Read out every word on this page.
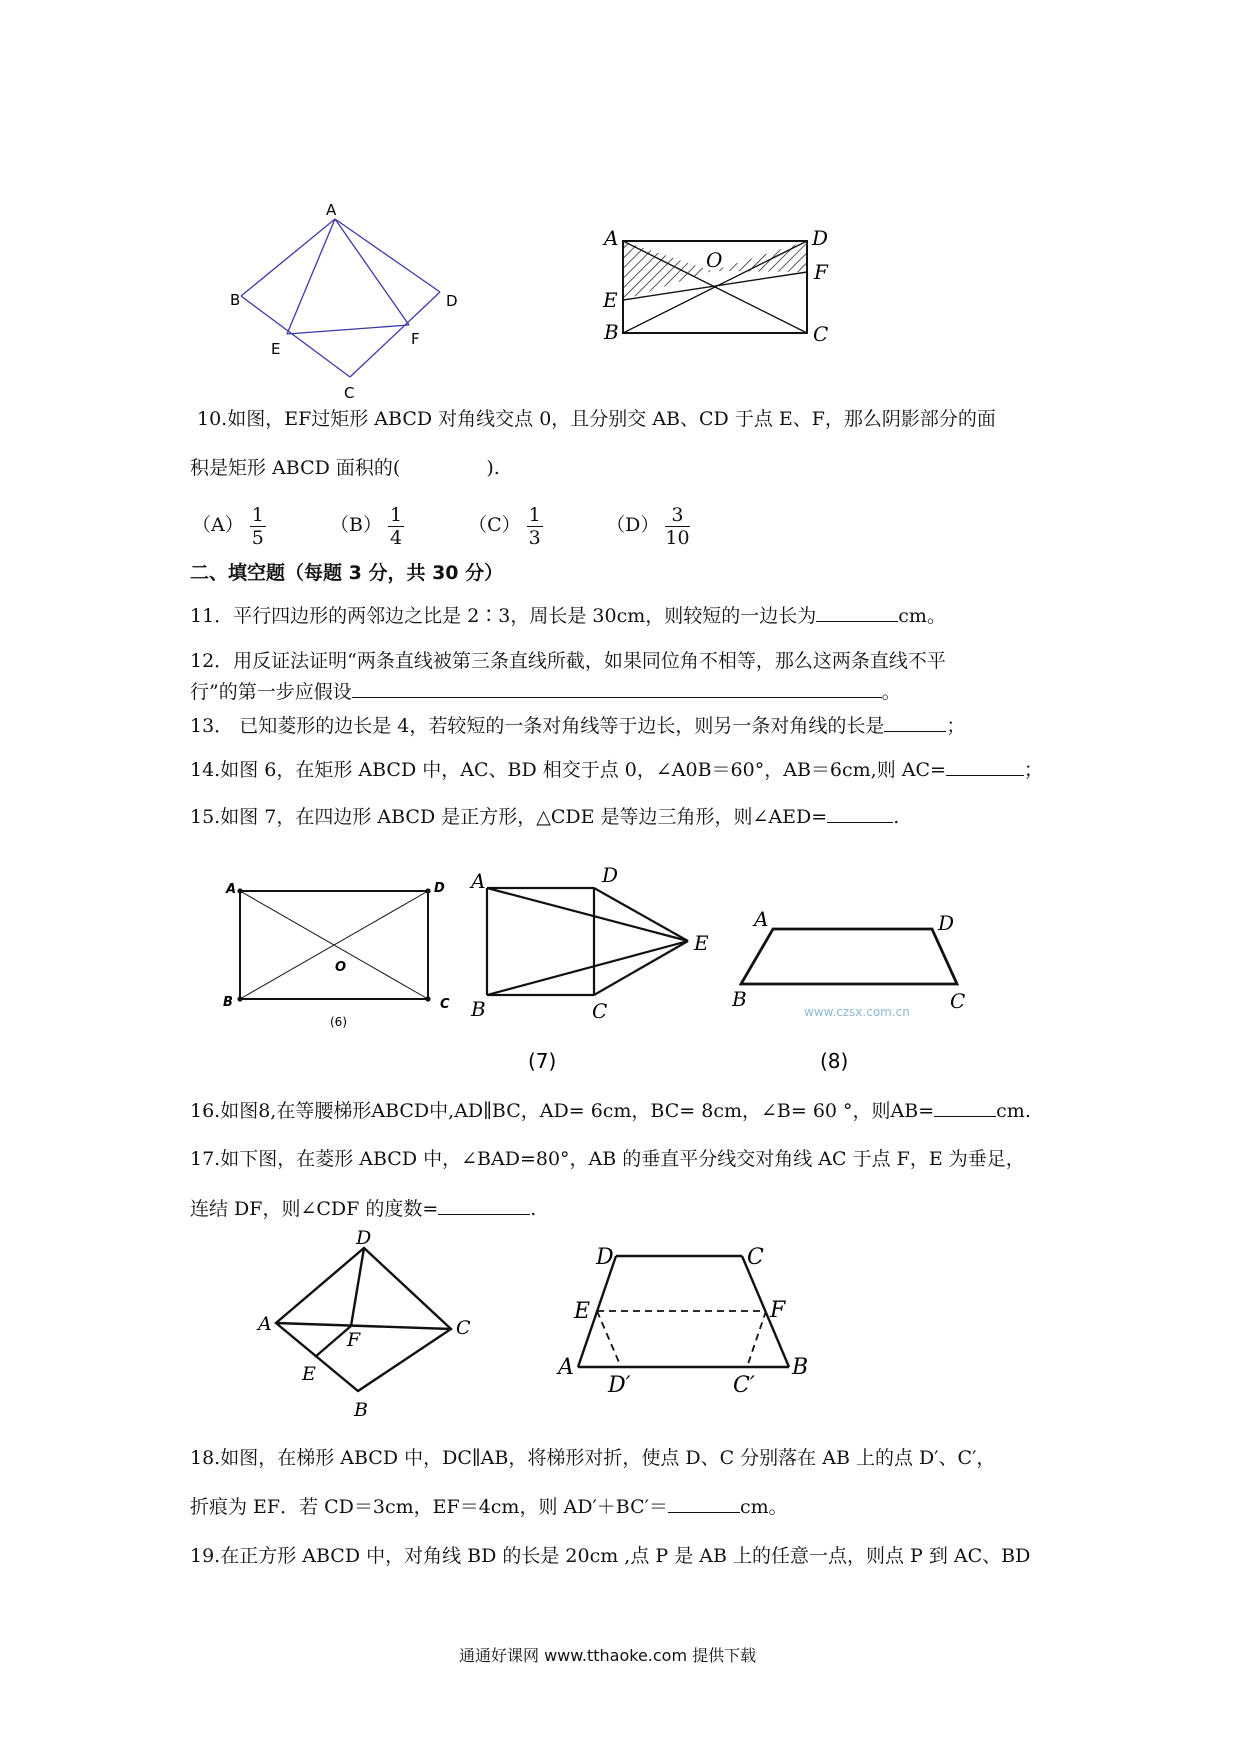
A
B	D
E
F
C
A	D
O	F
E
B	C
10.如图，EF过矩形 ABCD 对角线交点 0，且分别交 AB、CD 于点 E、F，那么阴影部分的面
积是矩形 ABCD 面积的(	).
$(A) \frac{1}{5}$	$(B) \frac{1}{4}$	$(C) \frac{1}{3}$	$(D) \frac{3}{10}$
二、填空题（每题 3 分，共 30 分）
11．平行四边形的两邻边之比是 2∶3，周长是 30cm，则较短的一边长为	cm。
12．用反证法证明“两条直线被第三条直线所截，如果同位角不相等，那么这两条直线不平
行”的第一步应假设	。
13． 已知菱形的边长是 4，若较短的一条对角线等于边长，则另一条对角线的长是	；
14.如图 6，在矩形 ABCD 中，AC、BD 相交于点 0，∠A0B＝60°，AB＝6cm,则 AC=	；
15.如图 7，在四边形 ABCD 是正方形，△CDE 是等边三角形，则∠AED=	.
A	D
O
B	C
(6)
A	D
E
B	C
(7)
A	D
B	C
www.czsx.com.cn
(8)
16.如图8,在等腰梯形ABCD中,AD∥BC，AD= 6cm，BC= 8cm，∠B= 60 °，则AB=	cm.
17.如下图，在菱形 ABCD 中，∠BAD=80°，AB 的垂直平分线交对角线 AC 于点 F，E 为垂足，
连结 DF，则∠CDF 的度数=	.
D
A	C
F
E
B
D	C
E	F
A	B
D′	C′
18.如图，在梯形 ABCD 中，DC∥AB，将梯形对折，使点 D、C 分别落在 AB 上的点 D′、C′，
折痕为 EF．若 CD＝3cm，EF＝4cm，则 AD′＋BC′＝	cm。
19.在正方形 ABCD 中，对角线 BD 的长是 20cm ,点 P 是 AB 上的任意一点，则点 P 到 AC、BD
通通好课网 www.tthaoke.com 提供下载
